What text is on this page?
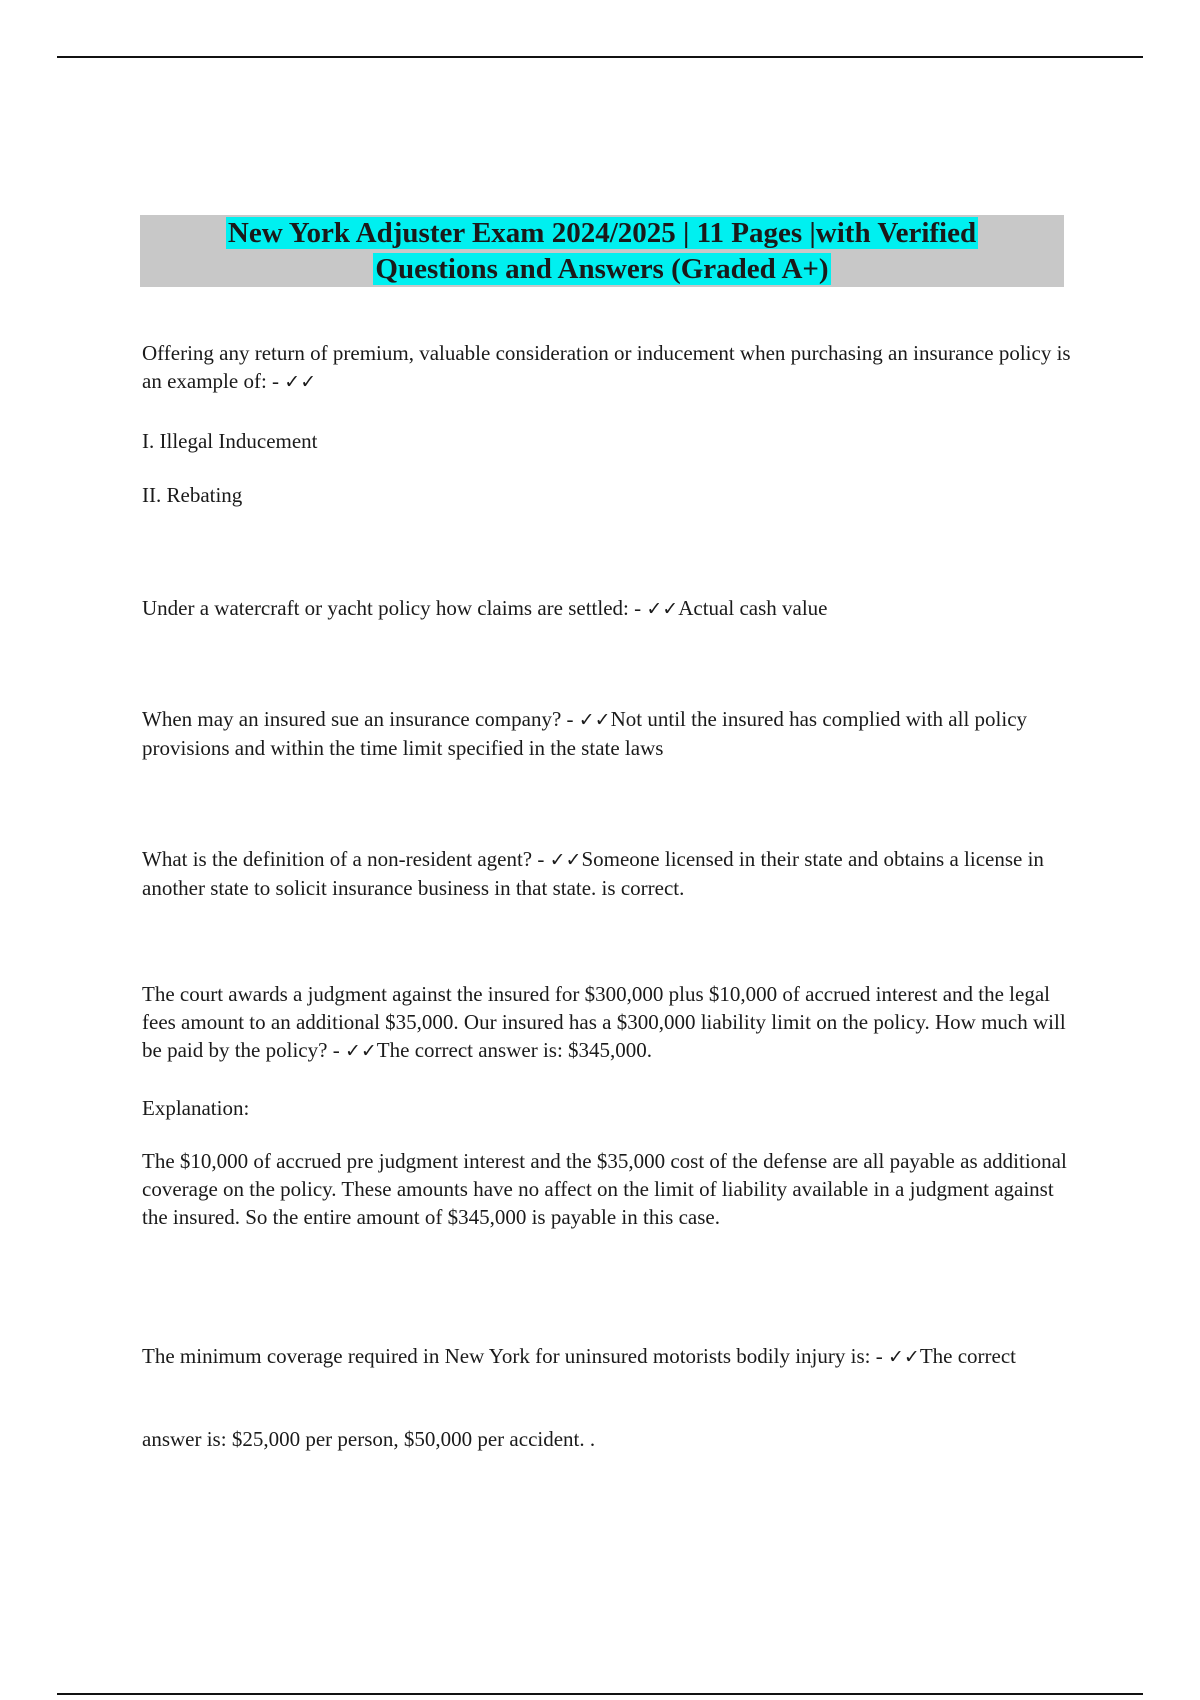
New York Adjuster Exam 2024/2025 | 11 Pages |with Verified
Questions and Answers (Graded A+)

Offering any return of premium, valuable consideration or inducement when purchasing an insurance policy is an example of: - ✓✓

I. Illegal Inducement

II. Rebating

Under a watercraft or yacht policy how claims are settled: - ✓✓Actual cash value

When may an insured sue an insurance company? - ✓✓Not until the insured has complied with all policy provisions and within the time limit specified in the state laws

What is the definition of a non-resident agent? - ✓✓Someone licensed in their state and obtains a license in another state to solicit insurance business in that state. is correct.

The court awards a judgment against the insured for $300,000 plus $10,000 of accrued interest and the legal fees amount to an additional $35,000. Our insured has a $300,000 liability limit on the policy. How much will be paid by the policy? - ✓✓The correct answer is: $345,000.

Explanation:

The $10,000 of accrued pre judgment interest and the $35,000 cost of the defense are all payable as additional coverage on the policy. These amounts have no affect on the limit of liability available in a judgment against the insured. So the entire amount of $345,000 is payable in this case.

The minimum coverage required in New York for uninsured motorists bodily injury is: - ✓✓The correct

answer is: $25,000 per person, $50,000 per accident. .
